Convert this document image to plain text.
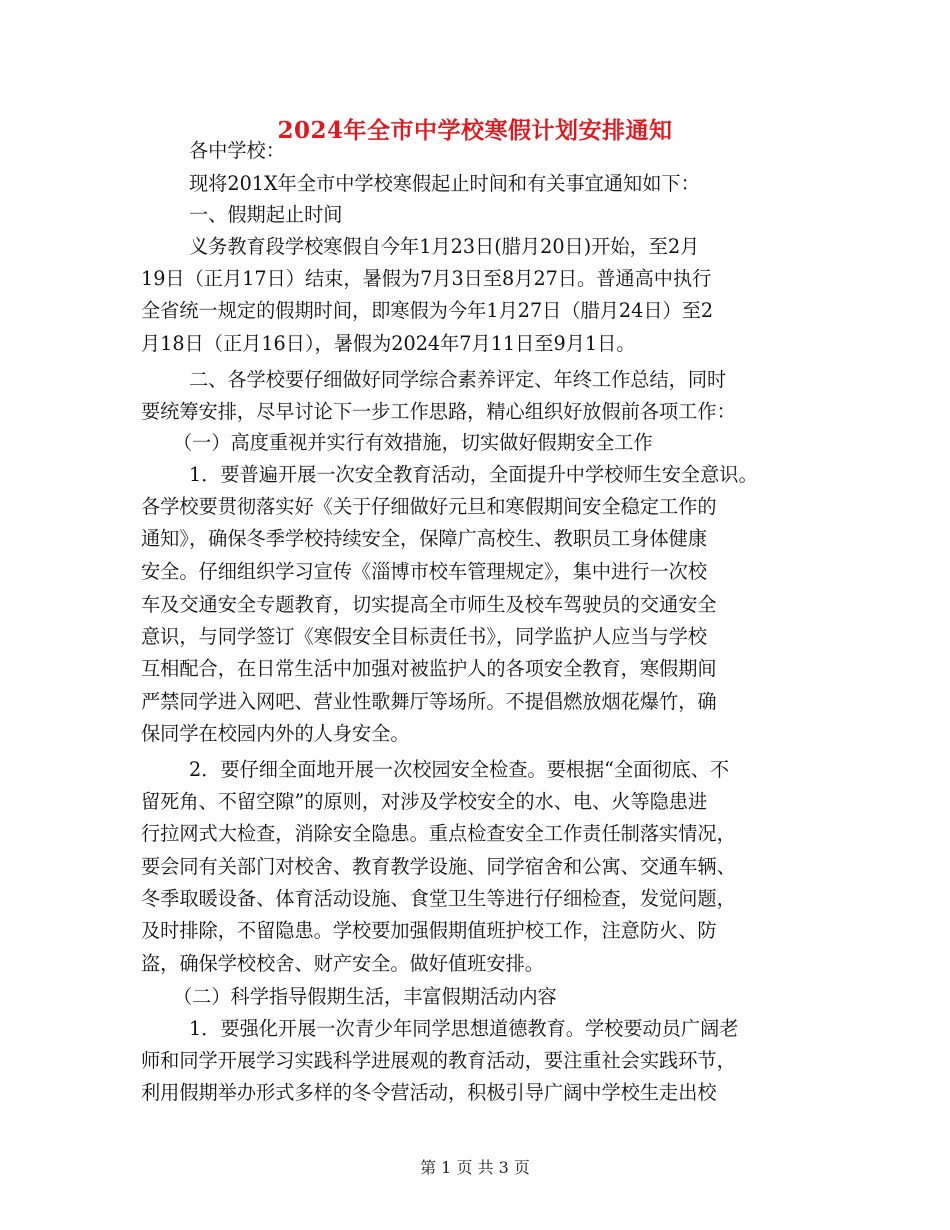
2024年全市中学校寒假计划安排通知
各中学校：
现将201X年全市中学校寒假起止时间和有关事宜通知如下：
一、假期起止时间
义务教育段学校寒假自今年1月23日(腊月20日)开始，至2月
19日（正月17日）结束，暑假为7月3日至8月27日。普通高中执行
全省统一规定的假期时间，即寒假为今年1月27日（腊月24日）至2
月18日（正月16日），暑假为2024年7月11日至9月1日。
二、各学校要仔细做好同学综合素养评定、年终工作总结，同时
要统筹安排，尽早讨论下一步工作思路，精心组织好放假前各项工作：
（一）高度重视并实行有效措施，切实做好假期安全工作
1．要普遍开展一次安全教育活动，全面提升中学校师生安全意识。
各学校要贯彻落实好《关于仔细做好元旦和寒假期间安全稳定工作的
通知》，确保冬季学校持续安全，保障广高校生、教职员工身体健康
安全。仔细组织学习宣传《淄博市校车管理规定》，集中进行一次校
车及交通安全专题教育，切实提高全市师生及校车驾驶员的交通安全
意识，与同学签订《寒假安全目标责任书》，同学监护人应当与学校
互相配合，在日常生活中加强对被监护人的各项安全教育，寒假期间
严禁同学进入网吧、营业性歌舞厅等场所。不提倡燃放烟花爆竹，确
保同学在校园内外的人身安全。
2．要仔细全面地开展一次校园安全检查。要根据“全面彻底、不
留死角、不留空隙”的原则，对涉及学校安全的水、电、火等隐患进
行拉网式大检查，消除安全隐患。重点检查安全工作责任制落实情况，
要会同有关部门对校舍、教育教学设施、同学宿舍和公寓、交通车辆、
冬季取暖设备、体育活动设施、食堂卫生等进行仔细检查，发觉问题，
及时排除，不留隐患。学校要加强假期值班护校工作，注意防火、防
盗，确保学校校舍、财产安全。做好值班安排。
（二）科学指导假期生活，丰富假期活动内容
1．要强化开展一次青少年同学思想道德教育。学校要动员广阔老
师和同学开展学习实践科学进展观的教育活动，要注重社会实践环节，
利用假期举办形式多样的冬令营活动，积极引导广阔中学校生走出校
第 1 页 共 3 页
